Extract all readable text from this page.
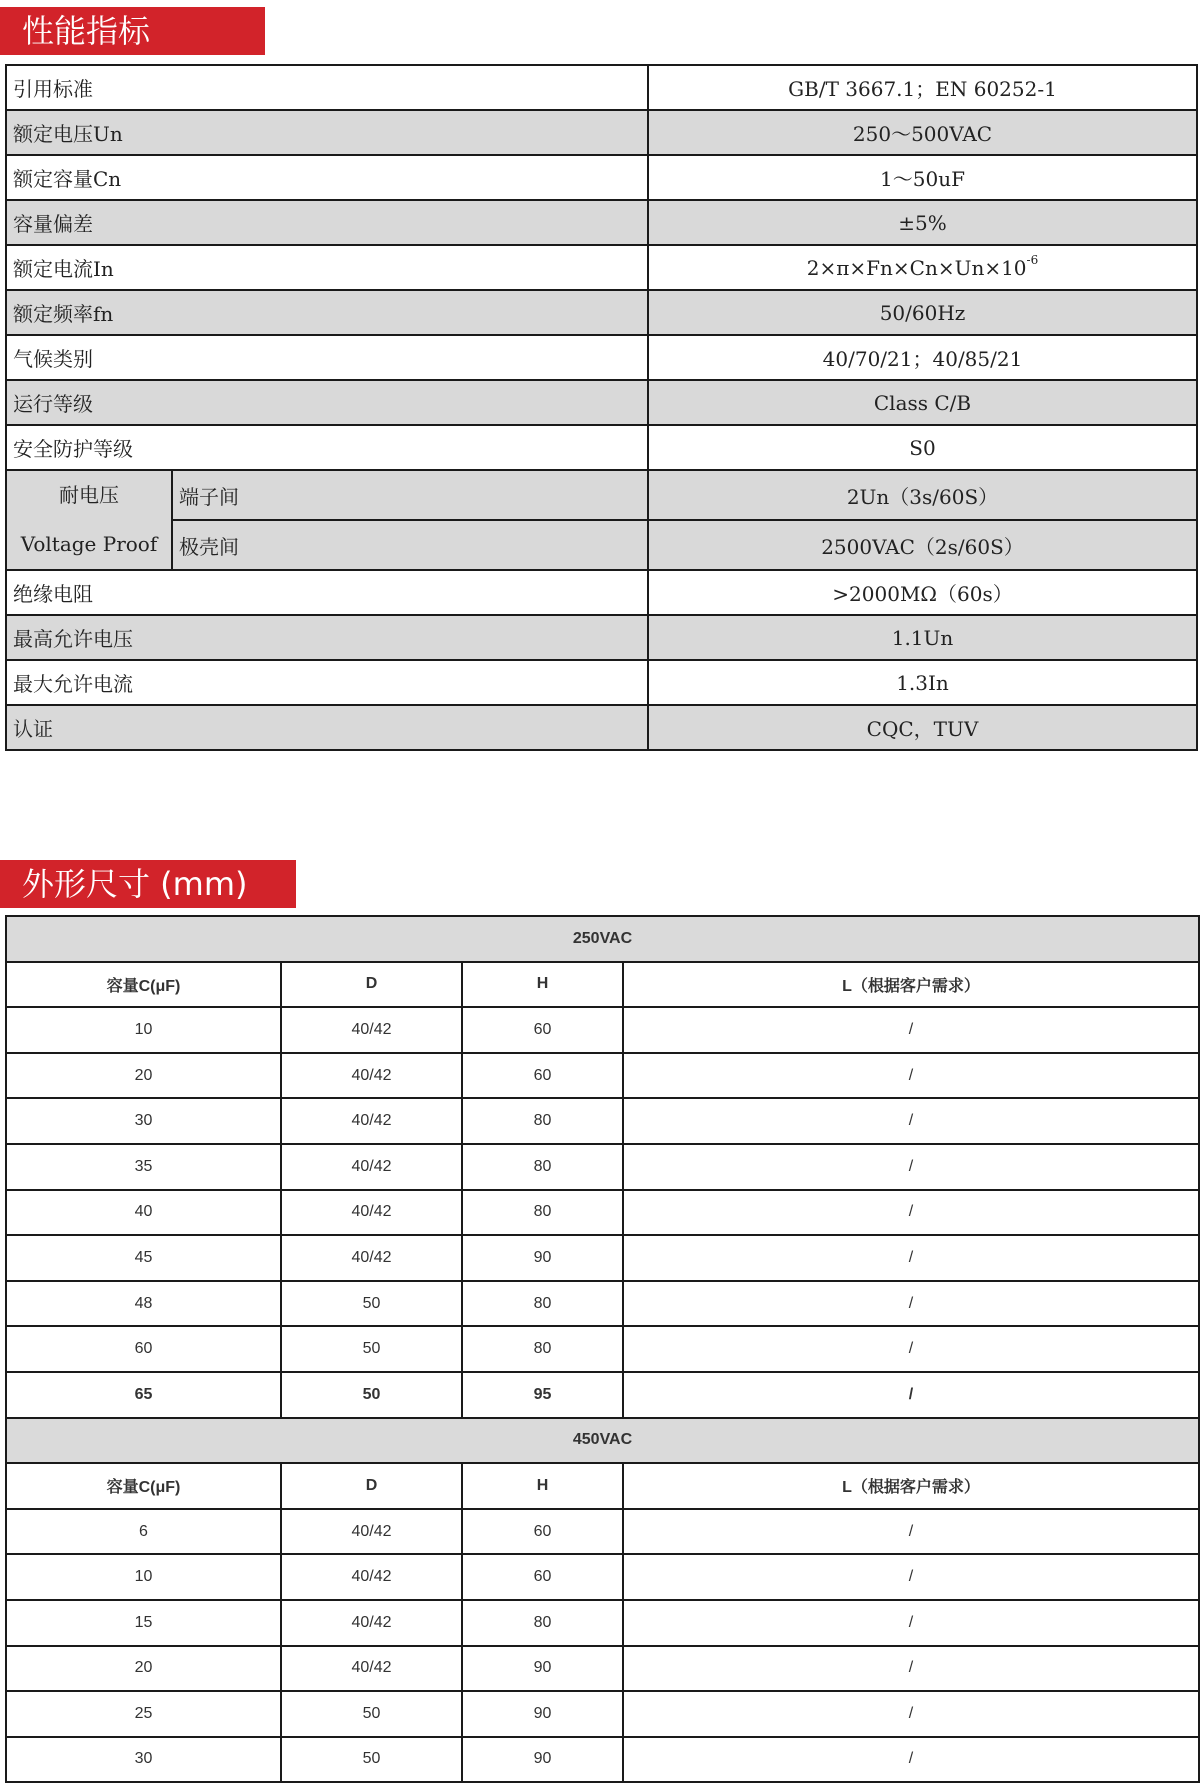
性能指标
引用标准		GB/T 3667.1；EN 60252-1
额定电压Un		250～500VAC
额定容量Cn		1～50uF
容量偏差		±5%
额定电流In		$2\times\pi\times Fn\times Cn\times Un\times 10^{-6}$
额定频率fn		50/60Hz
气候类别		40/70/21；40/85/21
运行等级		Class C/B
安全防护等级		S0

耐电压
Voltage Proof	端子间	2Un（3s/60S）
	极壳间	2500VAC（2s/60S）
绝缘电阻		>2000MΩ（60s）
最高允许电压		1.1Un
最大允许电流		1.3In
认证		CQC，TUV
外形尺寸 (mm)
250VAC			
容量C(μF)	D	H	L（根据客户需求）
10	40/42	60	/
20	40/42	60	/
30	40/42	80	/
35	40/42	80	/
40	40/42	80	/
45	40/42	90	/
48	50	80	/
60	50	80	/
65	50	95	/
450VAC			
容量C(μF)	D	H	L（根据客户需求）
6	40/42	60	/
10	40/42	60	/
15	40/42	80	/
20	40/42	90	/
25	50	90	/
30	50	90	/
